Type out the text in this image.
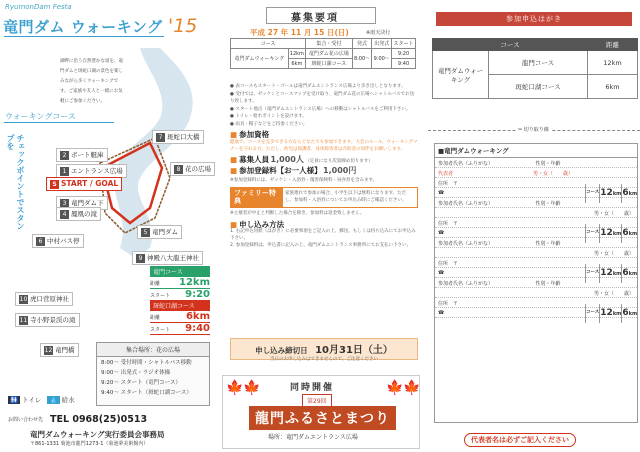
RyumonDam Festa
竜門ダム ウォーキング '15
湖畔に沿う自然豊かな道を、竜門ダムと斑蛇口湖の景色を楽しみながら歩くウォーキングです。ご家族や友人と一緒にお気軽にご参加ください。
ウォーキングコース
チェックポイントでスタンプを
2 ボート艇庫
1 エントランス広場
S START / GOAL
3 竜門ダム下
4 鳳凰の滝
5 竜門ダム
6 中村バス停
7 斑蛇口大橋
8 花の広場
9 神殿八大龍王神社
10 虎口菅原神社
11 寺小野景渓の滝
12 竜門橋
竜門コース
距離 12km
スタート 9:20
斑蛇口湖コース
距離	6km
スタート 9:40
集合場所：花の広場
8:00〜 受付時間・シャトルバス移動
9:00〜 出発式・ラジオ体操
9:20〜 スタート（竜門コース）
9:40〜 スタート（斑蛇口湖コース）
🚻 トイレ 💧 給水
お問い合わせ先 TEL 0968(25)0513
竜門ダムウォーキング実行委員会事務局
〒861-1331 菊池市龍門1273-1（菊池夢美術館内）
募集要項
平成 27 年 11 月 15 日(日)	※雨天決行
コース		集合・受付	発式	出発式	スタート
竜門ダムウォーキング	12km	竜門ダム花の広場	8:00〜	9:00〜	9:20
	6km	斑蛇口湖コース			9:40
● 表コースもスタート・ゴールは竜門ダムエントランス広場より歩き出しとなります。
● 受付では、ゼッケンとコースマップを受け取り、竜門ダム花の広場へシャトルバスでお送り致します。
● スタート地点（竜門ダムエントランス広場）への移動はシャトルバスをご利用下さい。
● トイレ・給水ポイントを設けます。
● 雨具・帽子などをご持参ください。
■ 参加資格
健康で、コースを完歩できる方ならどなたでも参加できます。大会のルール、ウォーキングマナーを守れる方。ただし、幼児は保護者、身体障害者は介助者の同伴をお願いします。
■ 募集人員 1,000人 （定員になり次第締め切ります）
■ 参加登録料【お一人様】 1,000円
※参加登録料には、ゼッケン・入浴券・傷害保険料・昼食券を含みます。
ファミリー特典
家族連れで参加の場合、小学生以下は無料になります。ただし、参加料・入浴券についてお申込み時にご確認ください。
※主催者が中止と判断した場合を除き、参加料は返金致しません。
■ 申し込み方法
1. 右記申込用紙（はがき）に必要事項をご記入の上、郵送、もしくは持ち込みにてお申込み下さい。
2. 参加登録料は、申込書に記入の上、竜門ダムエントランス事務所にてお支払い下さい。
申し込み締切日　 10月31日（土）
当日のお申し込みはできませんので、ご注意ください
🍁🍁	🍁🍁
同時開催
第29回
龍門ふるさとまつり
場所：竜門ダムエントランス広場
参加申込はがき
コース		距離
竜門ダムウォーキング	龍門コース	12km
	斑蛇口湖コース	6km
✂ 切り取り線
■竜門ダムウォーキング
参加者氏名（ふりがな）　　　　　　　　　性別・年齢
代表者　　　　　　　　　　　　　　　　男・女（　　歳）
住所　〒
☎	コース 12km 6km
参加者氏名（ふりがな）　　　　　　　　　性別・年齢
男・女（　　歳）
住所　〒
☎	コース 12km 6km
参加者氏名（ふりがな）　　　　　　　　　性別・年齢
男・女（　　歳）
住所　〒
☎	コース 12km 6km
参加者氏名（ふりがな）　　　　　　　　　性別・年齢
男・女（　　歳）
住所　〒
☎	コース 12km 6km
代表者名は必ずご記入ください
